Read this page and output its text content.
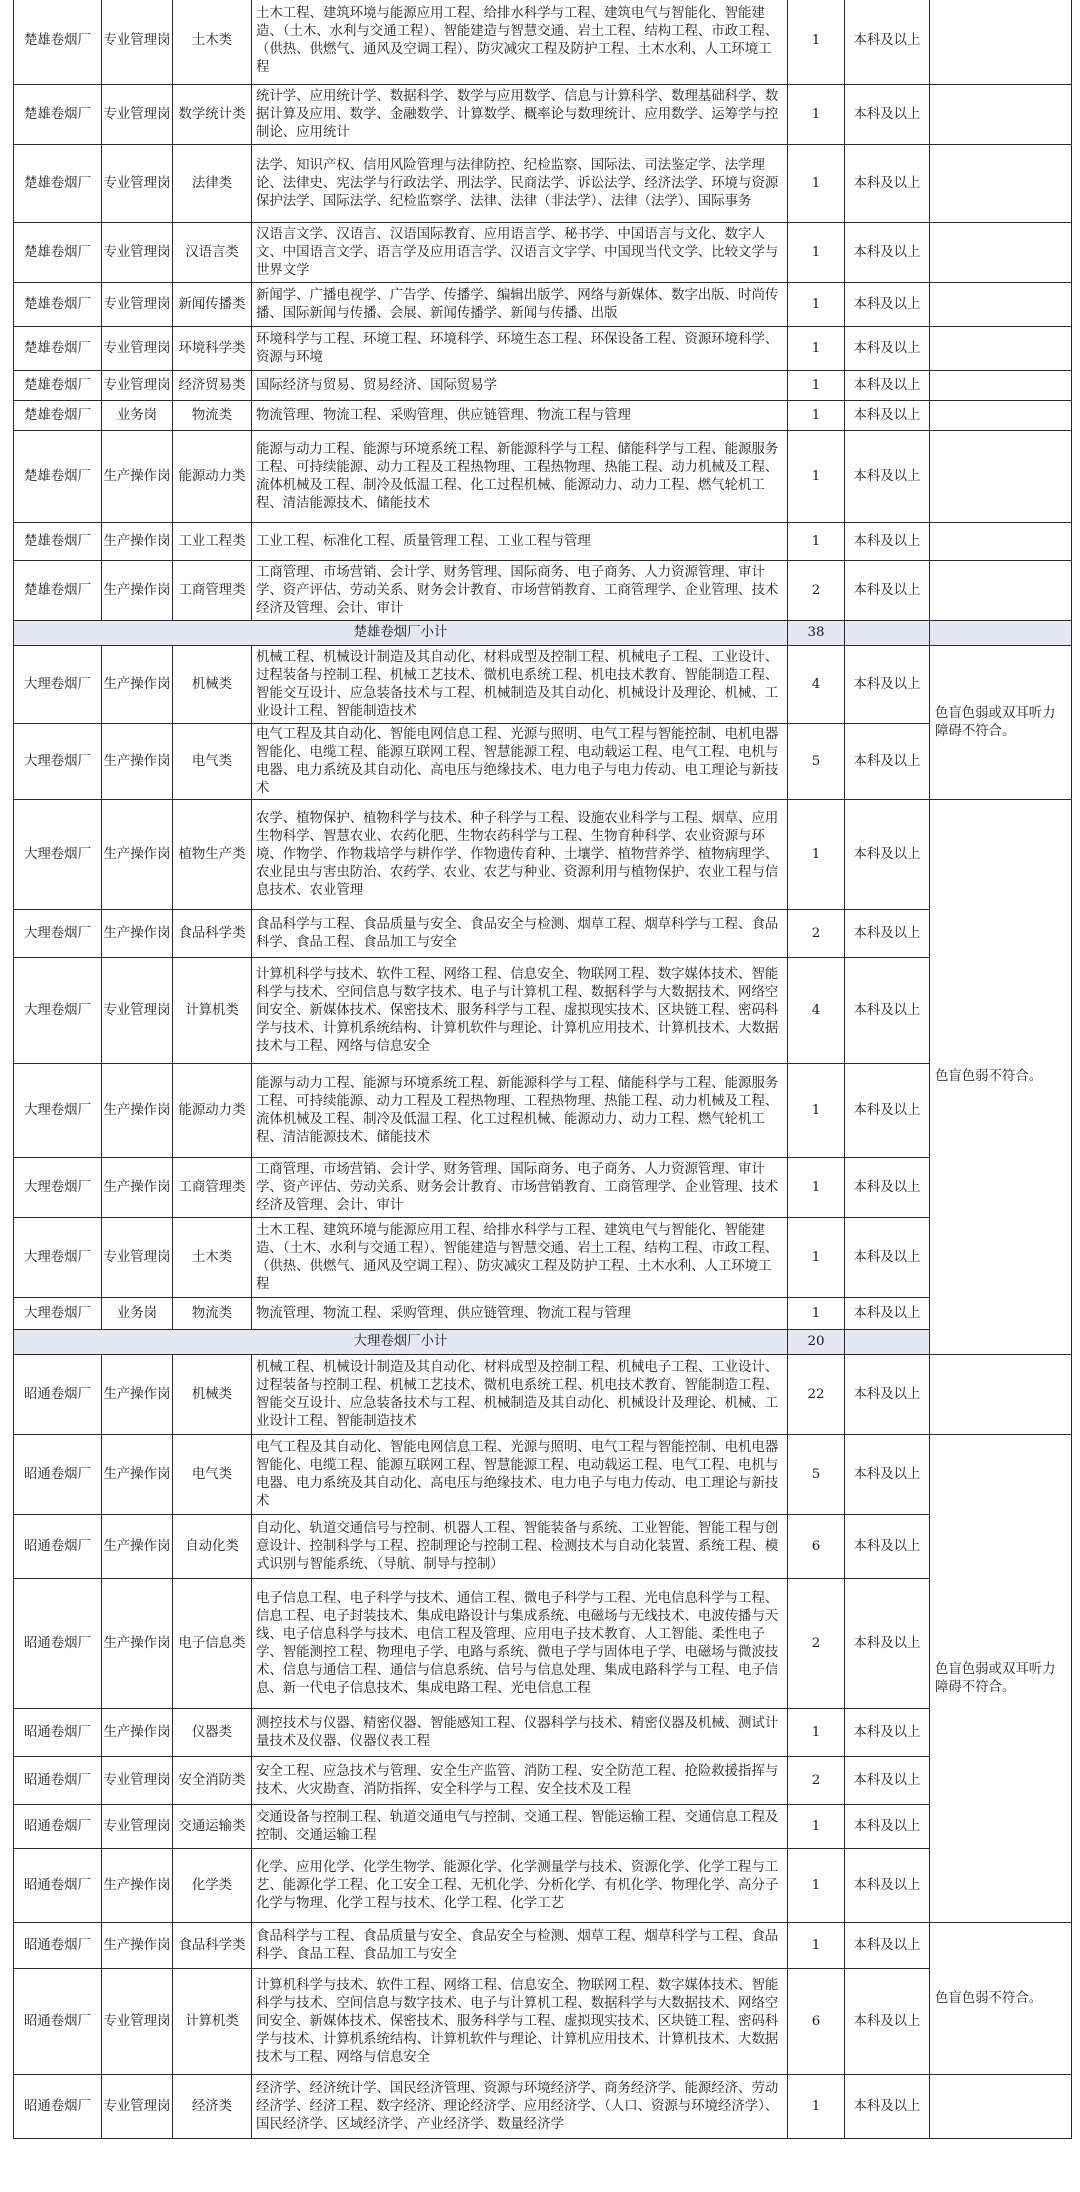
楚雄卷烟厂	专业管理岗	土木类	土木工程、建筑环境与能源应用工程、给排水科学与工程、建筑电气与智能化、智能建造、（土木、水利与交通工程）、智能建造与智慧交通、岩土工程、结构工程、市政工程、（供热、供燃气、通风及空调工程）、防灾减灾工程及防护工程、土木水利、人工环境工程	1	本科及以上		
楚雄卷烟厂	专业管理岗	数学统计类	统计学、应用统计学、数据科学、数学与应用数学、信息与计算科学、数理基础科学、数据计算及应用、数学、金融数学、计算数学、概率论与数理统计、应用数学、运筹学与控制论、应用统计	1	本科及以上		
楚雄卷烟厂	专业管理岗	法律类	法学、知识产权、信用风险管理与法律防控、纪检监察、国际法、司法鉴定学、法学理论、法律史、宪法学与行政法学、刑法学、民商法学、诉讼法学、经济法学、环境与资源保护法学、国际法学、纪检监察学、法律、法律（非法学）、法律（法学）、国际事务	1	本科及以上		
楚雄卷烟厂	专业管理岗	汉语言类	汉语言文学、汉语言、汉语国际教育、应用语言学、秘书学、中国语言与文化、数字人文、中国语言文学、语言学及应用语言学、汉语言文字学、中国现当代文学、比较文学与世界文学	1	本科及以上		
楚雄卷烟厂	专业管理岗	新闻传播类	新闻学、广播电视学、广告学、传播学、编辑出版学、网络与新媒体、数字出版、时尚传播、国际新闻与传播、会展、新闻传播学、新闻与传播、出版	1	本科及以上		
楚雄卷烟厂	专业管理岗	环境科学类	环境科学与工程、环境工程、环境科学、环境生态工程、环保设备工程、资源环境科学、资源与环境	1	本科及以上		
楚雄卷烟厂	专业管理岗	经济贸易类	国际经济与贸易、贸易经济、国际贸易学	1	本科及以上		
楚雄卷烟厂	业务岗	物流类	物流管理、物流工程、采购管理、供应链管理、物流工程与管理	1	本科及以上		
楚雄卷烟厂	生产操作岗	能源动力类	能源与动力工程、能源与环境系统工程、新能源科学与工程、储能科学与工程、能源服务工程、可持续能源、动力工程及工程热物理、工程热物理、热能工程、动力机械及工程、流体机械及工程、制冷及低温工程、化工过程机械、能源动力、动力工程、燃气轮机工程、清洁能源技术、储能技术	1	本科及以上		
楚雄卷烟厂	生产操作岗	工业工程类	工业工程、标准化工程、质量管理工程、工业工程与管理	1	本科及以上		
楚雄卷烟厂	生产操作岗	工商管理类	工商管理、市场营销、会计学、财务管理、国际商务、电子商务、人力资源管理、审计学、资产评估、劳动关系、财务会计教育、市场营销教育、工商管理学、企业管理、技术经济及管理、会计、审计	2	本科及以上		
楚雄卷烟厂小计				38			
大理卷烟厂	生产操作岗	机械类	机械工程、机械设计制造及其自动化、材料成型及控制工程、机械电子工程、工业设计、过程装备与控制工程、机械工艺技术、微机电系统工程、机电技术教育、智能制造工程、智能交互设计、应急装备技术与工程、机械制造及其自动化、机械设计及理论、机械、工业设计工程、智能制造技术	4	本科及以上	色盲色弱或双耳听力障碍不符合。	
大理卷烟厂	生产操作岗	电气类	电气工程及其自动化、智能电网信息工程、光源与照明、电气工程与智能控制、电机电器智能化、电缆工程、能源互联网工程、智慧能源工程、电动载运工程、电气工程、电机与电器、电力系统及其自动化、高电压与绝缘技术、电力电子与电力传动、电工理论与新技术	5	本科及以上		
大理卷烟厂	生产操作岗	植物生产类	农学、植物保护、植物科学与技术、种子科学与工程、设施农业科学与工程、烟草、应用生物科学、智慧农业、农药化肥、生物农药科学与工程、生物育种科学、农业资源与环境、作物学、作物栽培学与耕作学、作物遗传育种、土壤学、植物营养学、植物病理学、农业昆虫与害虫防治、农药学、农业、农艺与种业、资源利用与植物保护、农业工程与信息技术、农业管理	1	本科及以上	色盲色弱不符合。	
大理卷烟厂	生产操作岗	食品科学类	食品科学与工程、食品质量与安全、食品安全与检测、烟草工程、烟草科学与工程、食品科学、食品工程、食品加工与安全	2	本科及以上		
大理卷烟厂	专业管理岗	计算机类	计算机科学与技术、软件工程、网络工程、信息安全、物联网工程、数字媒体技术、智能科学与技术、空间信息与数字技术、电子与计算机工程、数据科学与大数据技术、网络空间安全、新媒体技术、保密技术、服务科学与工程、虚拟现实技术、区块链工程、密码科学与技术、计算机系统结构、计算机软件与理论、计算机应用技术、计算机技术、大数据技术与工程、网络与信息安全	4	本科及以上		
大理卷烟厂	生产操作岗	能源动力类	能源与动力工程、能源与环境系统工程、新能源科学与工程、储能科学与工程、能源服务工程、可持续能源、动力工程及工程热物理、工程热物理、热能工程、动力机械及工程、流体机械及工程、制冷及低温工程、化工过程机械、能源动力、动力工程、燃气轮机工程、清洁能源技术、储能技术	1	本科及以上		
大理卷烟厂	生产操作岗	工商管理类	工商管理、市场营销、会计学、财务管理、国际商务、电子商务、人力资源管理、审计学、资产评估、劳动关系、财务会计教育、市场营销教育、工商管理学、企业管理、技术经济及管理、会计、审计	1	本科及以上		
大理卷烟厂	专业管理岗	土木类	土木工程、建筑环境与能源应用工程、给排水科学与工程、建筑电气与智能化、智能建造、（土木、水利与交通工程）、智能建造与智慧交通、岩土工程、结构工程、市政工程、（供热、供燃气、通风及空调工程）、防灾减灾工程及防护工程、土木水利、人工环境工程	1	本科及以上		
大理卷烟厂	业务岗	物流类	物流管理、物流工程、采购管理、供应链管理、物流工程与管理	1	本科及以上		
大理卷烟厂小计				20			
昭通卷烟厂	生产操作岗	机械类	机械工程、机械设计制造及其自动化、材料成型及控制工程、机械电子工程、工业设计、过程装备与控制工程、机械工艺技术、微机电系统工程、机电技术教育、智能制造工程、智能交互设计、应急装备技术与工程、机械制造及其自动化、机械设计及理论、机械、工业设计工程、智能制造技术	22	本科及以上		
昭通卷烟厂	生产操作岗	电气类	电气工程及其自动化、智能电网信息工程、光源与照明、电气工程与智能控制、电机电器智能化、电缆工程、能源互联网工程、智慧能源工程、电动载运工程、电气工程、电机与电器、电力系统及其自动化、高电压与绝缘技术、电力电子与电力传动、电工理论与新技术	5	本科及以上	色盲色弱或双耳听力障碍不符合。	
昭通卷烟厂	生产操作岗	自动化类	自动化、轨道交通信号与控制、机器人工程、智能装备与系统、工业智能、智能工程与创意设计、控制科学与工程、控制理论与控制工程、检测技术与自动化装置、系统工程、模式识别与智能系统、（导航、制导与控制）	6	本科及以上		
昭通卷烟厂	生产操作岗	电子信息类	电子信息工程、电子科学与技术、通信工程、微电子科学与工程、光电信息科学与工程、信息工程、电子封装技术、集成电路设计与集成系统、电磁场与无线技术、电波传播与天线、电子信息科学与技术、电信工程及管理、应用电子技术教育、人工智能、柔性电子学、智能测控工程、物理电子学、电路与系统、微电子学与固体电子学、电磁场与微波技术、信息与通信工程、通信与信息系统、信号与信息处理、集成电路科学与工程、电子信息、新一代电子信息技术、集成电路工程、光电信息工程	2	本科及以上		
昭通卷烟厂	生产操作岗	仪器类	测控技术与仪器、精密仪器、智能感知工程、仪器科学与技术、精密仪器及机械、测试计量技术及仪器、仪器仪表工程	1	本科及以上		
昭通卷烟厂	专业管理岗	安全消防类	安全工程、应急技术与管理、安全生产监管、消防工程、安全防范工程、抢险救援指挥与技术、火灾勘查、消防指挥、安全科学与工程、安全技术及工程	2	本科及以上		
昭通卷烟厂	专业管理岗	交通运输类	交通设备与控制工程、轨道交通电气与控制、交通工程、智能运输工程、交通信息工程及控制、交通运输工程	1	本科及以上		
昭通卷烟厂	生产操作岗	化学类	化学、应用化学、化学生物学、能源化学、化学测量学与技术、资源化学、化学工程与工艺、能源化学工程、化工安全工程、无机化学、分析化学、有机化学、物理化学、高分子化学与物理、化学工程与技术、化学工程、化学工艺	1	本科及以上		
昭通卷烟厂	生产操作岗	食品科学类	食品科学与工程、食品质量与安全、食品安全与检测、烟草工程、烟草科学与工程、食品科学、食品工程、食品加工与安全	1	本科及以上	色盲色弱不符合。	
昭通卷烟厂	专业管理岗	计算机类	计算机科学与技术、软件工程、网络工程、信息安全、物联网工程、数字媒体技术、智能科学与技术、空间信息与数字技术、电子与计算机工程、数据科学与大数据技术、网络空间安全、新媒体技术、保密技术、服务科学与工程、虚拟现实技术、区块链工程、密码科学与技术、计算机系统结构、计算机软件与理论、计算机应用技术、计算机技术、大数据技术与工程、网络与信息安全	6	本科及以上		
昭通卷烟厂	专业管理岗	经济类	经济学、经济统计学、国民经济管理、资源与环境经济学、商务经济学、能源经济、劳动经济学、经济工程、数字经济、理论经济学、应用经济学、（人口、资源与环境经济学）、国民经济学、区域经济学、产业经济学、数量经济学	1	本科及以上		
